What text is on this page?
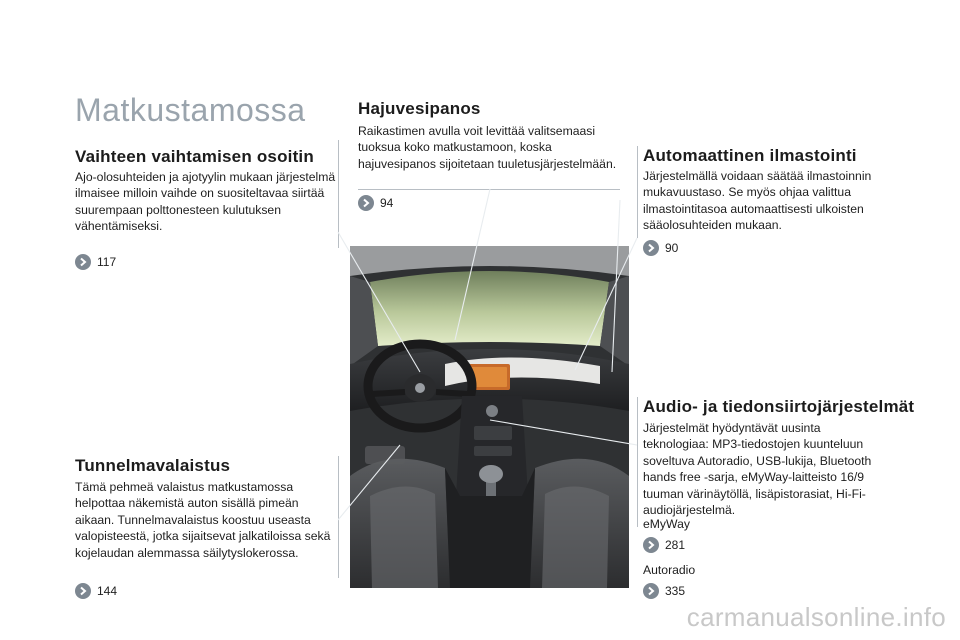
Matkustamossa
Vaihteen vaihtamisen osoitin
Ajo-olosuhteiden ja ajotyylin mukaan järjestelmä ilmaisee milloin vaihde on suositeltavaa siirtää suurempaan polttonesteen kulutuksen vähentämiseksi.
117
Hajuvesipanos
Raikastimen avulla voit levittää valitsemaasi tuoksua koko matkustamoon, koska hajuvesipanos sijoitetaan tuuletusjärjestelmään.
94
Automaattinen ilmastointi
Järjestelmällä voidaan säätää ilmastoinnin mukavuustaso. Se myös ohjaa valittua ilmastointitasoa automaattisesti ulkoisten sääolosuhteiden mukaan.
90
Tunnelmavalaistus
Tämä pehmeä valaistus matkustamossa helpottaa näkemistä auton sisällä pimeän aikaan. Tunnelmavalaistus koostuu useasta valopisteestä, jotka sijaitsevat jalkatiloissa sekä kojelaudan alemmassa säilytyslokerossa.
144
Audio- ja tiedonsiirtojärjestelmät
Järjestelmät hyödyntävät uusinta teknologiaa: MP3-tiedostojen kuunteluun soveltuva Autoradio, USB-lukija, Bluetooth hands free -sarja, eMyWay-laitteisto 16/9 tuuman värinäytöllä, lisäpistorasiat, Hi-Fi-audiojärjestelmä.
eMyWay
281
Autoradio
335
carmanualsonline.info
